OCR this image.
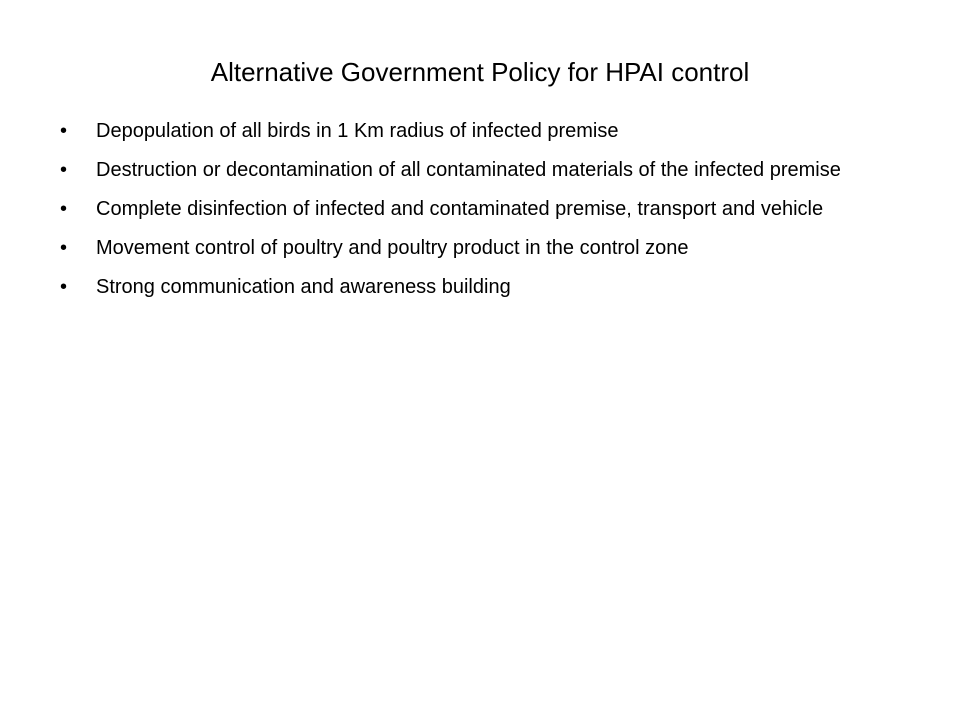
Alternative Government Policy for HPAI control
•	Depopulation of all birds in 1 Km radius of infected premise
•	Destruction or decontamination of all contaminated materials of the infected premise
•	Complete disinfection of infected and contaminated premise, transport and vehicle
•	Movement control of poultry and poultry product in the control zone
•	Strong communication and awareness building
